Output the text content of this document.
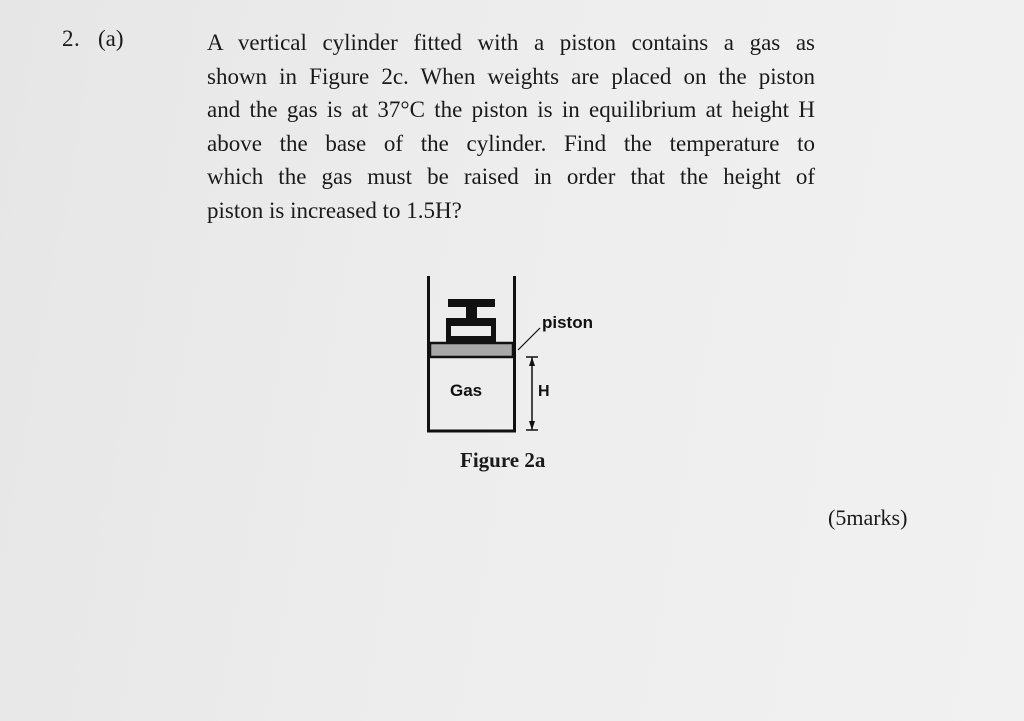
2. (a)	A vertical cylinder fitted with a piston contains a gas as
shown in Figure 2c. When weights are placed on the piston
and the gas is at 37°C the piston is in equilibrium at height H
above the base of the cylinder. Find the temperature to
which the gas must be raised in order that the height of
piston is increased to 1.5H?
piston
Gas	H
Figure 2a
(5marks)
